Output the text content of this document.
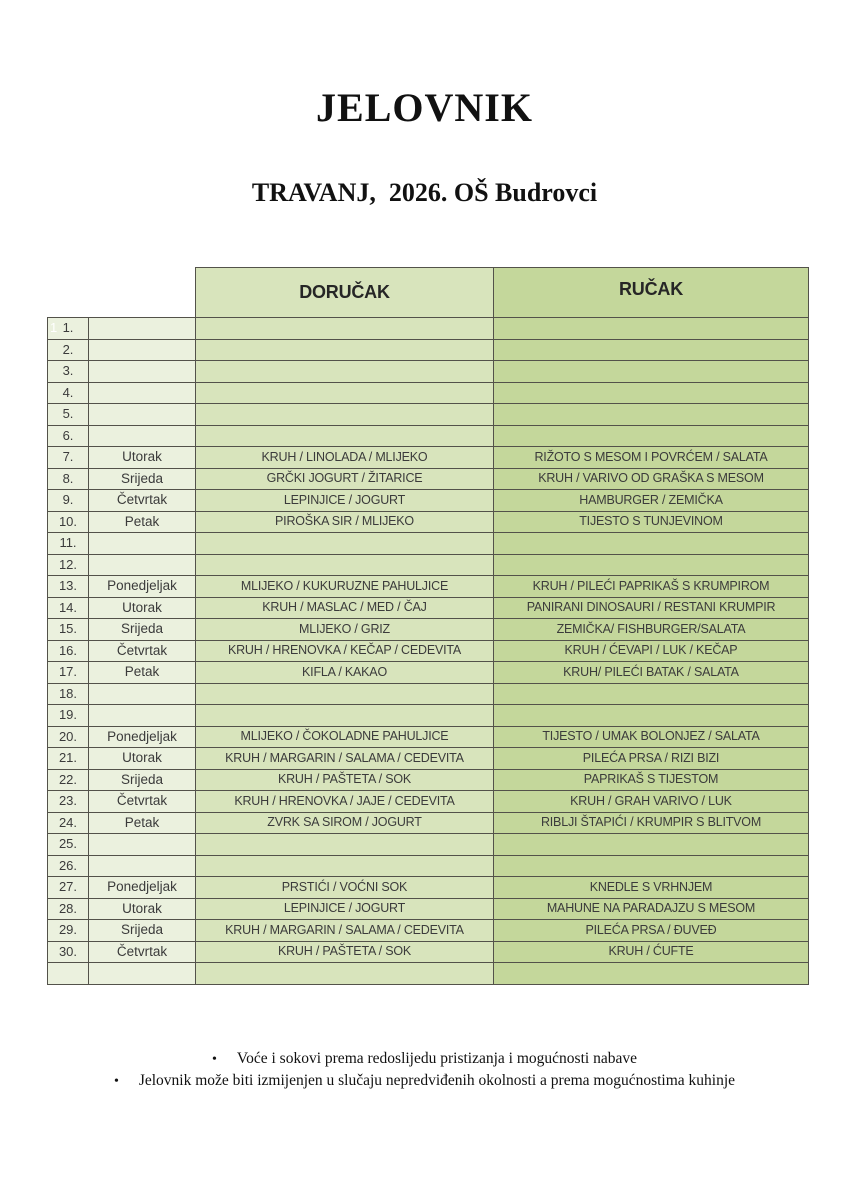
JELOVNIK
TRAVANJ,  2026. OŠ Budrovci
		DORUČAK	RUČAK

1 1.			
2.			
3.			
4.			
5.			
6.			
7.	Utorak	KRUH / LINOLADA / MLIJEKO	RIŽOTO S MESOM I POVRĆEM / SALATA
8.	Srijeda	GRČKI JOGURT / ŽITARICE	KRUH / VARIVO OD GRAŠKA S MESOM
9.	Četvrtak	LEPINJICE / JOGURT	HAMBURGER / ZEMIČKA
10.	Petak	PIROŠKA SIR / MLIJEKO	TIJESTO S TUNJEVINOM
11.			
12.			
13.	Ponedjeljak	MLIJEKO / KUKURUZNE PAHULJICE	KRUH / PILEĆI PAPRIKAŠ S KRUMPIROM
14.	Utorak	KRUH / MASLAC / MED / ČAJ	PANIRANI DINOSAURI / RESTANI KRUMPIR
15.	Srijeda	MLIJEKO / GRIZ	ZEMIČKA/ FISHBURGER/SALATA
16.	Četvrtak	KRUH / HRENOVKA / KEČAP / CEDEVITA	KRUH / ĆEVAPI / LUK / KEČAP
17.	Petak	KIFLA / KAKAO	KRUH/ PILEĆI BATAK / SALATA
18.			
19.			
20.	Ponedjeljak	MLIJEKO / ČOKOLADNE PAHULJICE	TIJESTO / UMAK BOLONJEZ / SALATA
21.	Utorak	KRUH / MARGARIN / SALAMA / CEDEVITA	PILEĆA PRSA / RIZI BIZI
22.	Srijeda	KRUH / PAŠTETA / SOK	PAPRIKAŠ S TIJESTOM
23.	Četvrtak	KRUH / HRENOVKA / JAJE / CEDEVITA	KRUH / GRAH VARIVO / LUK
24.	Petak	ZVRK SA SIROM / JOGURT	RIBLJI ŠTAPIĆI / KRUMPIR S BLITVOM
25.			
26.			
27.	Ponedjeljak	PRSTIĆI / VOĆNI SOK	KNEDLE S VRHNJEM
28.	Utorak	LEPINJICE / JOGURT	MAHUNE NA PARADAJZU S MESOM
29.	Srijeda	KRUH / MARGARIN / SALAMA / CEDEVITA	PILEĆA PRSA / ĐUVEĐ
30.	Četvrtak	KRUH / PAŠTETA / SOK	KRUH / ĆUFTE

• Voće i sokovi prema redoslijedu pristizanja i mogućnosti nabave
• Jelovnik može biti izmijenjen u slučaju nepredviđenih okolnosti a prema mogućnostima kuhinje
